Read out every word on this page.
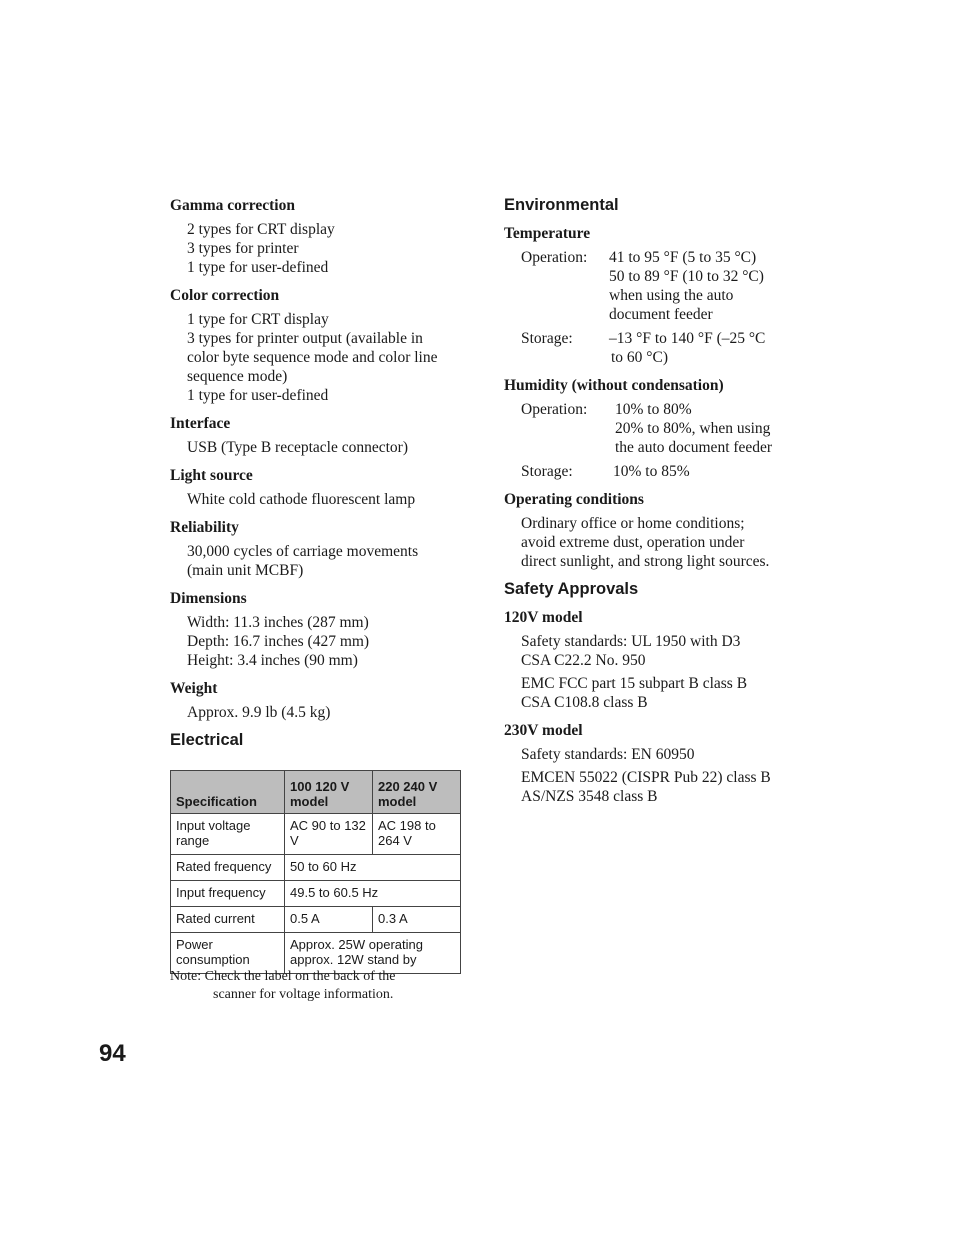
Gamma correction
2 types for CRT display
3 types for printer
1 type for user-defined
Color correction
1 type for CRT display
3 types for printer output (available in
color byte sequence mode and color line
sequence mode)
1 type for user-defined
Interface
USB (Type B receptacle connector)
Light source
White cold cathode fluorescent lamp
Reliability
30,000 cycles of carriage movements
(main unit MCBF)
Dimensions
Width: 11.3 inches (287 mm)
Depth: 16.7 inches (427 mm)
Height: 3.4 inches (90 mm)
Weight
Approx. 9.9 lb (4.5 kg)
Electrical
Specification	100 120 V model	220 240 V model
Input voltage range	AC 90 to 132 V	AC 198 to 264 V
Rated frequency	50 to 60 Hz	
Input frequency	49.5 to 60.5 Hz	
Rated current	0.5 A	0.3 A
Power consumption	Approx. 25W operating approx. 12W stand by	
Note: Check the label on the back of the
scanner for voltage information.
Environmental
Temperature
Operation:	41 to 95 °F (5 to 35 °C)
50 to 89 °F (10 to 32 °C)
when using the auto
document feeder
Storage:	–13 °F to 140 °F (–25 °C
to 60 °C)
Humidity (without condensation)
Operation:	10% to 80%
20% to 80%, when using
the auto document feeder
Storage:	10% to 85%
Operating conditions
Ordinary office or home conditions;
avoid extreme dust, operation under
direct sunlight, and strong light sources.
Safety Approvals
120V model
Safety standards: UL 1950 with D3
CSA C22.2 No. 950
EMC FCC part 15 subpart B class B
CSA C108.8 class B
230V model
Safety standards: EN 60950
EMCEN 55022 (CISPR Pub 22) class B
AS/NZS 3548 class B
94
